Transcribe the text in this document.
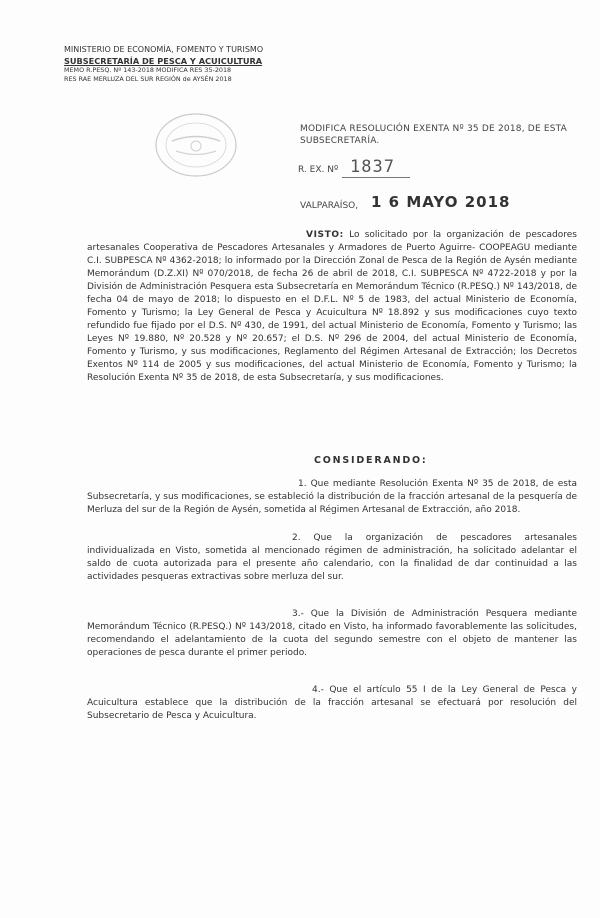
MINISTERIO DE ECONOMÍA, FOMENTO Y TURISMO
SUBSECRETARÍA DE PESCA Y ACUICULTURA
MEMO R.PESQ. Nº 143-2018 MODIFICA RES 35-2018
RES RAE MERLUZA DEL SUR REGIÓN de AYSÉN 2018
MODIFICA RESOLUCIÓN EXENTA Nº 35 DE 2018, DE ESTA SUBSECRETARÍA.
R. EX. Nº 1837
VALPARAÍSO, 1 6 MAYO 2018
VISTO: Lo solicitado por la organización de pescadores artesanales Cooperativa de Pescadores Artesanales y Armadores de Puerto Aguirre- COOPEAGU mediante C.I. SUBPESCA Nº 4362-2018; lo informado por la Dirección Zonal de Pesca de la Región de Aysén mediante Memorándum (D.Z.XI) Nº 070/2018, de fecha 26 de abril de 2018, C.I. SUBPESCA Nº 4722-2018 y por la División de Administración Pesquera esta Subsecretaría en Memorándum Técnico (R.PESQ.) Nº 143/2018, de fecha 04 de mayo de 2018; lo dispuesto en el D.F.L. Nº 5 de 1983, del actual Ministerio de Economía, Fomento y Turismo; la Ley General de Pesca y Acuicultura Nº 18.892 y sus modificaciones cuyo texto refundido fue fijado por el D.S. Nº 430, de 1991, del actual Ministerio de Economía, Fomento y Turismo; las Leyes Nº 19.880, Nº 20.528 y Nº 20.657; el D.S. Nº 296 de 2004, del actual Ministerio de Economía, Fomento y Turismo, y sus modificaciones, Reglamento del Régimen Artesanal de Extracción; los Decretos Exentos Nº 114 de 2005 y sus modificaciones, del actual Ministerio de Economía, Fomento y Turismo; la Resolución Exenta Nº 35 de 2018, de esta Subsecretaría, y sus modificaciones.
CONSIDERANDO:
1. Que mediante Resolución Exenta Nº 35 de 2018, de esta Subsecretaría, y sus modificaciones, se estableció la distribución de la fracción artesanal de la pesquería de Merluza del sur de la Región de Aysén, sometida al Régimen Artesanal de Extracción, año 2018.
2. Que la organización de pescadores artesanales individualizada en Visto, sometida al mencionado régimen de administración, ha solicitado adelantar el saldo de cuota autorizada para el presente año calendario, con la finalidad de dar continuidad a las actividades pesqueras extractivas sobre merluza del sur.
3.- Que la División de Administración Pesquera mediante Memorándum Técnico (R.PESQ.) Nº 143/2018, citado en Visto, ha informado favorablemente las solicitudes, recomendando el adelantamiento de la cuota del segundo semestre con el objeto de mantener las operaciones de pesca durante el primer periodo.
4.- Que el artículo 55 I de la Ley General de Pesca y Acuicultura establece que la distribución de la fracción artesanal se efectuará por resolución del Subsecretario de Pesca y Acuicultura.
